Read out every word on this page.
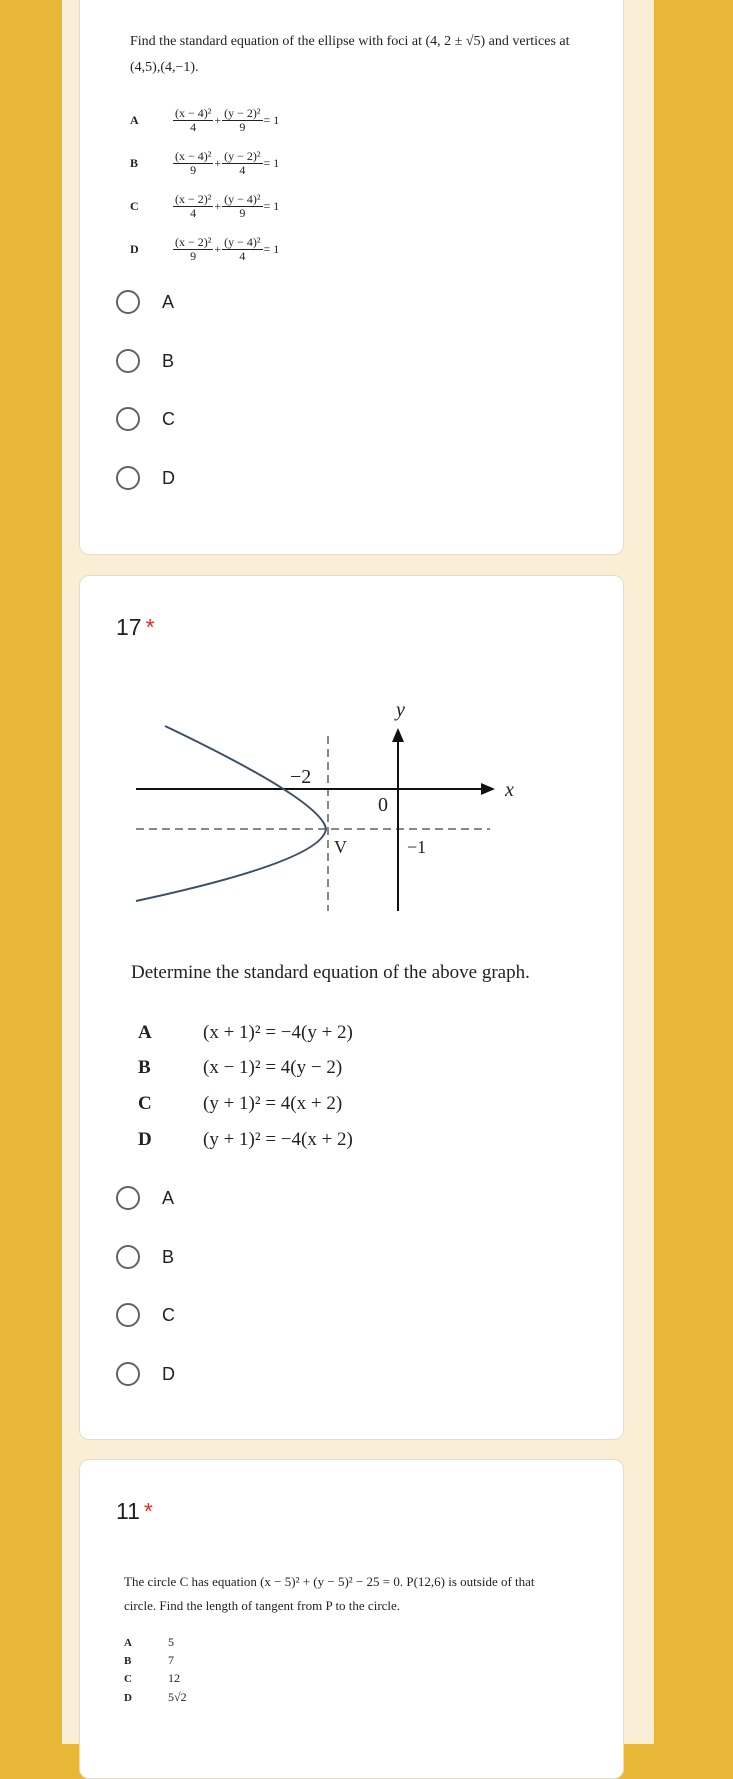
Find the standard equation of the ellipse with foci at (4, 2 ± √5) and vertices at
(4,5),(4,−1).
A	$\frac{\text{(x − 4)²}}{4} + \frac{\text{(y − 2)²}}{9} = 1$
B	$\frac{\text{(x − 4)²}}{9} + \frac{\text{(y − 2)²}}{4} = 1$
C	$\frac{\text{(x − 2)²}}{4} + \frac{\text{(y − 4)²}}{9} = 1$
D	$\frac{\text{(x − 2)²}}{9} + \frac{\text{(y − 4)²}}{4} = 1$
A
B
C
D
17 *
y
x
−2
0
V	−1
Determine the standard equation of the above graph.
A	(x + 1)² = −4(y + 2)
B	(x − 1)² = 4(y − 2)
C	(y + 1)² = 4(x + 2)
D	(y + 1)² = −4(x + 2)
A
B
C
D
11 *
The circle C has equation (x − 5)² + (y − 5)² − 25 = 0. P(12,6) is outside of that
circle. Find the length of tangent from P to the circle.
A	5
B	7
C	12
D	5√2
